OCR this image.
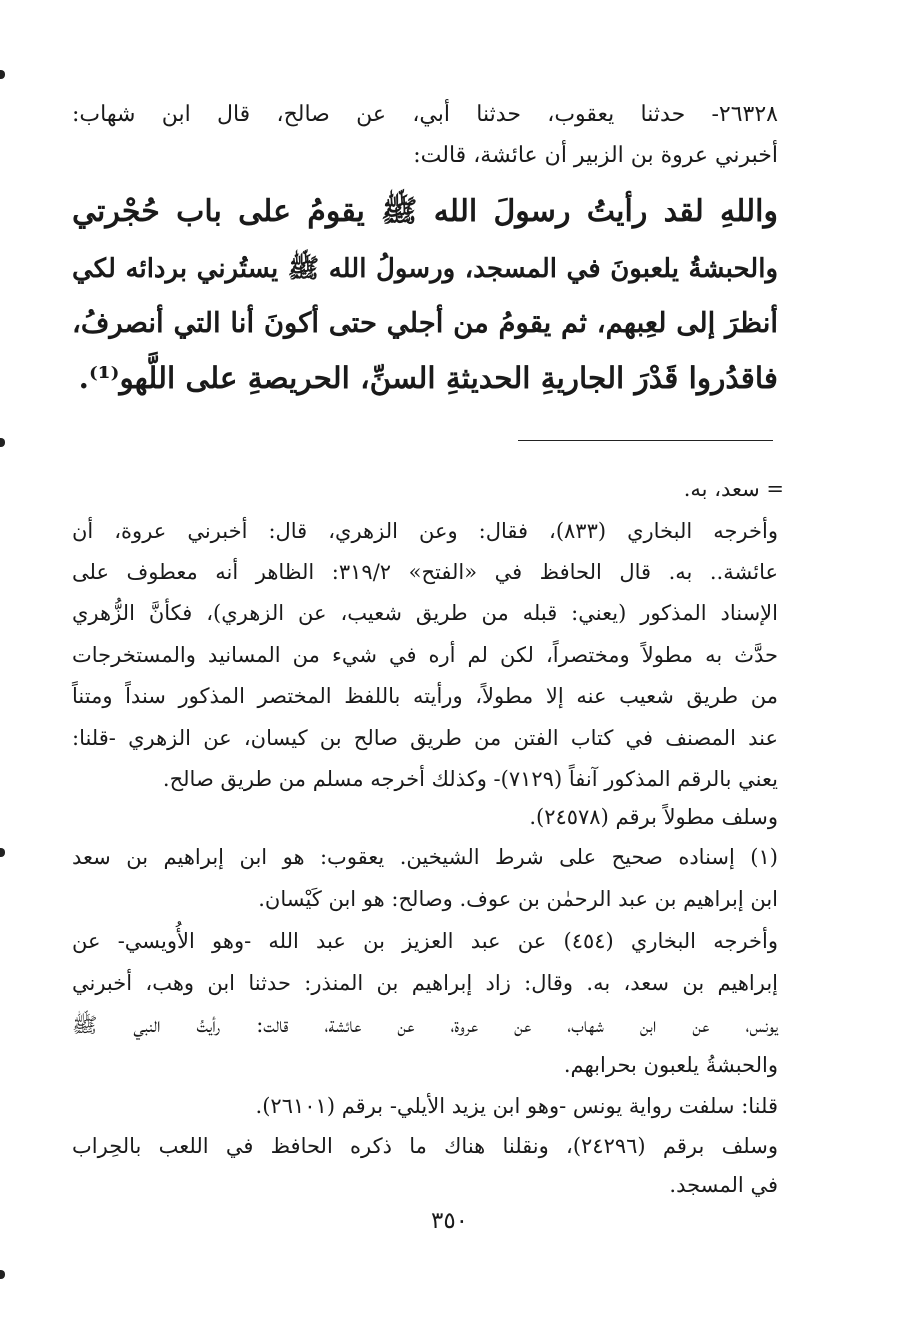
٢٦٣٢٨- حدثنا يعقوب، حدثنا أبي، عن صالح، قال ابن شهاب:

أخبرني عروة بن الزبير أن عائشة، قالت:

واللهِ لقد رأيتُ رسولَ الله ﷺ يقومُ على باب حُجْرتي

والحبشةُ يلعبونَ في المسجد، ورسولُ الله ﷺ يستُرني بردائه لكي

أنظرَ إلى لعِبهم، ثم يقومُ من أجلي حتى أكونَ أنا التي أنصرفُ،

فاقدُروا قَدْرَ الجاريةِ الحديثةِ السنِّ، الحريصةِ على اللَّهو⁽¹⁾.

= سعد، به.

وأخرجه البخاري (٨٣٣)، فقال: وعن الزهري، قال: أخبرني عروة، أن

عائشة.. به. قال الحافظ في «الفتح» ٣١٩/٢: الظاهر أنه معطوف على

الإسناد المذكور (يعني: قبله من طريق شعيب، عن الزهري)، فكأنَّ الزُّهري

حدَّث به مطولاً ومختصراً، لكن لم أره في شيء من المسانيد والمستخرجات

من طريق شعيب عنه إلا مطولاً، ورأيته باللفظ المختصر المذكور سنداً ومتناً

عند المصنف في كتاب الفتن من طريق صالح بن كيسان، عن الزهري -قلنا:

يعني بالرقم المذكور آنفاً (٧١٢٩)- وكذلك أخرجه مسلم من طريق صالح.

وسلف مطولاً برقم (٢٤٥٧٨).

(١) إسناده صحيح على شرط الشيخين. يعقوب: هو ابن إبراهيم بن سعد

ابن إبراهيم بن عبد الرحمٰن بن عوف. وصالح: هو ابن كَيْسان.

وأخرجه البخاري (٤٥٤) عن عبد العزيز بن عبد الله -وهو الأُويسي- عن

إبراهيم بن سعد، به. وقال: زاد إبراهيم بن المنذر: حدثنا ابن وهب، أخبرني

يونس، عن ابن شهاب، عن عروة، عن عائشة، قالت: رأيتُ النبي ﷺ

والحبشةُ يلعبون بحرابهم.

قلنا: سلفت رواية يونس -وهو ابن يزيد الأيلي- برقم (٢٦١٠١).

وسلف برقم (٢٤٢٩٦)، ونقلنا هناك ما ذكره الحافظ في اللعب بالحِراب

في المسجد.

٣٥٠
